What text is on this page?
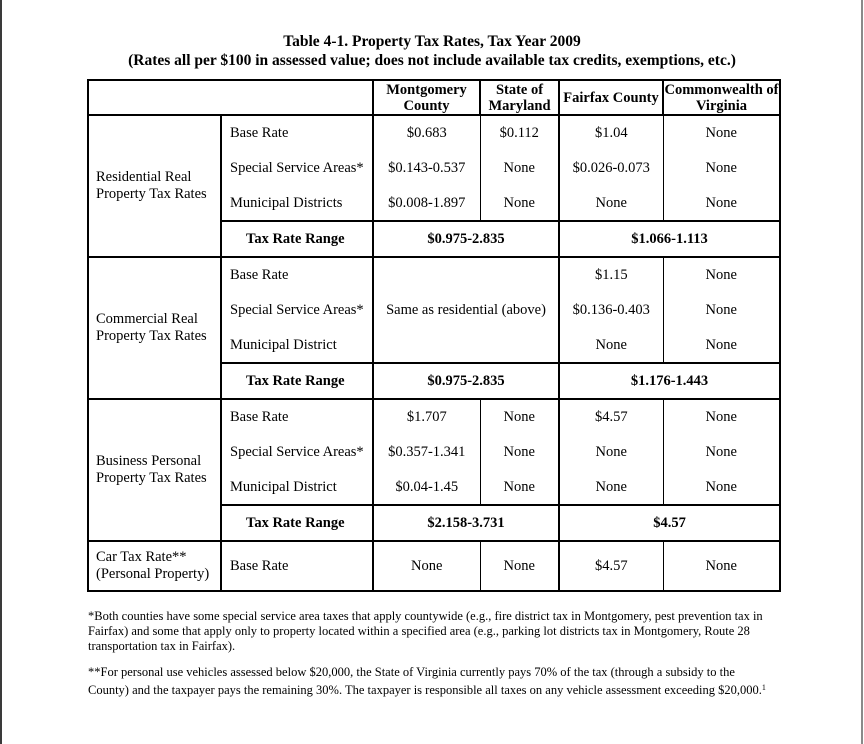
Table 4-1. Property Tax Rates, Tax Year 2009
(Rates all per $100 in assessed value; does not include available tax credits, exemptions, etc.)
		Montgomery County	State of Maryland	Fairfax County	Commonwealth of Virginia
Residential Real Property Tax Rates	Base Rate	$0.683	$0.112	$1.04	None
	Special Service Areas*	$0.143-0.537	None	$0.026-0.073	None
	Municipal Districts	$0.008-1.897	None	None	None
	Tax Rate Range	$0.975-2.835		$1.066-1.113	
Commercial Real Property Tax Rates	Base Rate	Same as residential (above)		$1.15	None
	Special Service Areas*			$0.136-0.403	None
	Municipal District			None	None
	Tax Rate Range	$0.975-2.835		$1.176-1.443	
Business Personal Property Tax Rates	Base Rate	$1.707	None	$4.57	None
	Special Service Areas*	$0.357-1.341	None	None	None
	Municipal District	$0.04-1.45	None	None	None
	Tax Rate Range	$2.158-3.731		$4.57	

Car Tax Rate**
(Personal Property)	Base Rate	None	None	$4.57	None
*Both counties have some special service area taxes that apply countywide (e.g., fire district tax in Montgomery, pest prevention tax in Fairfax) and some that apply only to property located within a specified area (e.g., parking lot districts tax in Montgomery, Route 28 transportation tax in Fairfax).
**For personal use vehicles assessed below $20,000, the State of Virginia currently pays 70% of the tax (through a subsidy to the County) and the taxpayer pays the remaining 30%. The taxpayer is responsible all taxes on any vehicle assessment exceeding $20,000.$^1$
